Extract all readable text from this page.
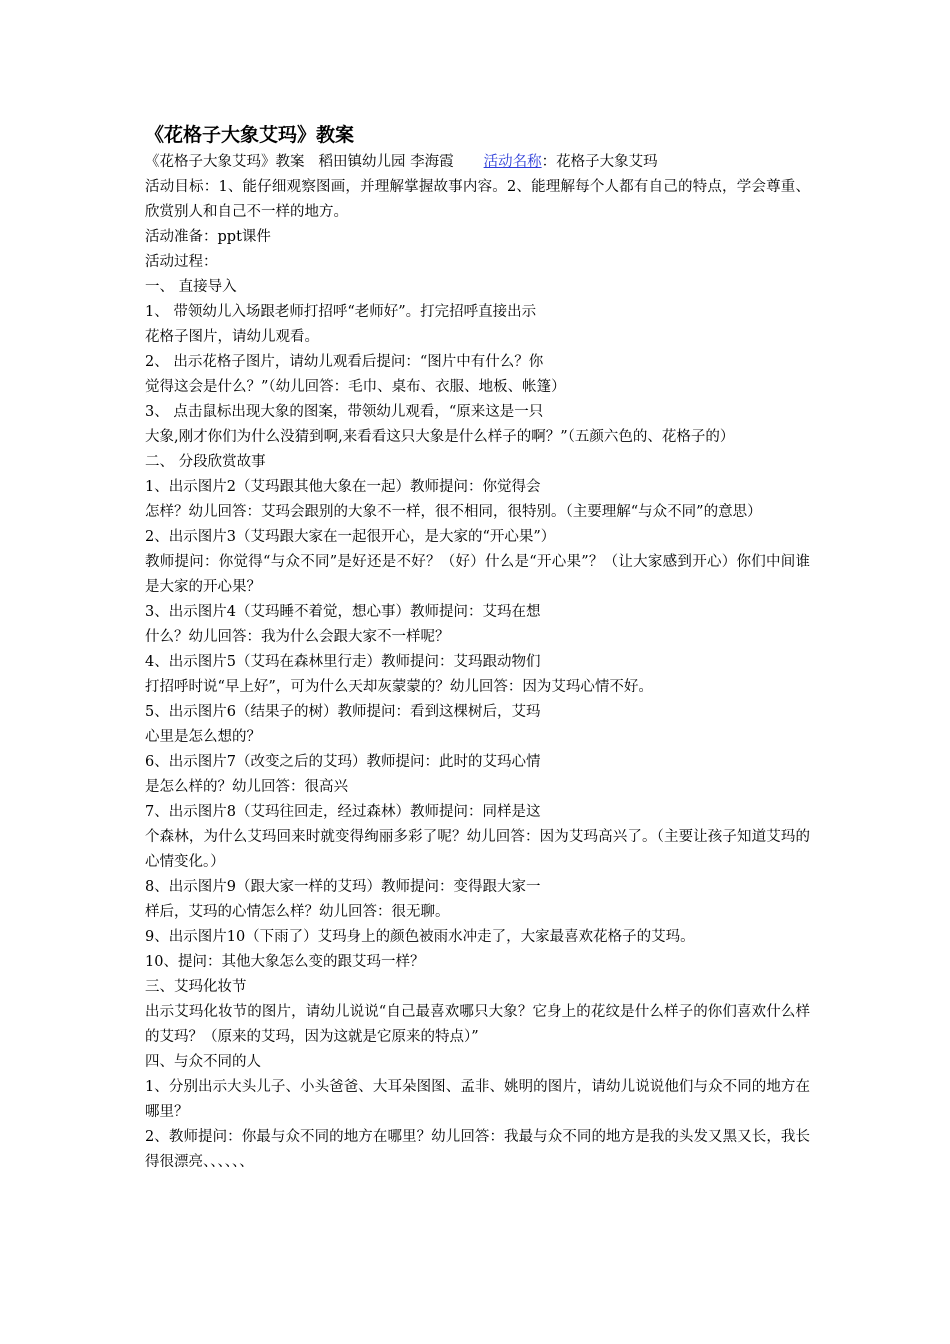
《花格子大象艾玛》教案

《花格子大象艾玛》教案 稻田镇幼儿园 李海霞 活动名称：花格子大象艾玛

活动目标：1、能仔细观察图画，并理解掌握故事内容。2、能理解每个人都有自己的特点，学会尊重、欣赏别人和自己不一样的地方。

活动准备：ppt课件

活动过程：

一、 直接导入

1、 带领幼儿入场跟老师打招呼“老师好”。打完招呼直接出示

花格子图片，请幼儿观看。

2、 出示花格子图片，请幼儿观看后提问：“图片中有什么？你

觉得这会是什么？”（幼儿回答：毛巾、桌布、衣服、地板、帐篷）

3、 点击鼠标出现大象的图案，带领幼儿观看，“原来这是一只

大象,刚才你们为什么没猜到啊,来看看这只大象是什么样子的啊？”（五颜六色的、花格子的）

二、 分段欣赏故事

1、出示图片2（艾玛跟其他大象在一起）教师提问：你觉得会

怎样？幼儿回答：艾玛会跟别的大象不一样，很不相同，很特别。（主要理解“与众不同”的意思）

2、出示图片3（艾玛跟大家在一起很开心，是大家的“开心果”）

教师提问：你觉得“与众不同”是好还是不好？（好）什么是“开心果”？（让大家感到开心）你们中间谁是大家的开心果？

3、出示图片4（艾玛睡不着觉，想心事）教师提问：艾玛在想

什么？幼儿回答：我为什么会跟大家不一样呢？

4、出示图片5（艾玛在森林里行走）教师提问：艾玛跟动物们

打招呼时说“早上好”，可为什么天却灰蒙蒙的？幼儿回答：因为艾玛心情不好。

5、出示图片6（结果子的树）教师提问：看到这棵树后，艾玛

心里是怎么想的？

6、出示图片7（改变之后的艾玛）教师提问：此时的艾玛心情

是怎么样的？幼儿回答：很高兴

7、出示图片8（艾玛往回走，经过森林）教师提问：同样是这

个森林，为什么艾玛回来时就变得绚丽多彩了呢？幼儿回答：因为艾玛高兴了。（主要让孩子知道艾玛的心情变化。）

8、出示图片9（跟大家一样的艾玛）教师提问：变得跟大家一

样后，艾玛的心情怎么样？幼儿回答：很无聊。

9、出示图片10（下雨了）艾玛身上的颜色被雨水冲走了，大家最喜欢花格子的艾玛。

10、提问：其他大象怎么变的跟艾玛一样？

三、艾玛化妆节

出示艾玛化妆节的图片，请幼儿说说“自己最喜欢哪只大象？它身上的花纹是什么样子的你们喜欢什么样的艾玛？（原来的艾玛，因为这就是它原来的特点）”

四、与众不同的人

1、分别出示大头儿子、小头爸爸、大耳朵图图、孟非、姚明的图片，请幼儿说说他们与众不同的地方在哪里？

2、教师提问：你最与众不同的地方在哪里？幼儿回答：我最与众不同的地方是我的头发又黑又长，我长得很漂亮、、、、、、
